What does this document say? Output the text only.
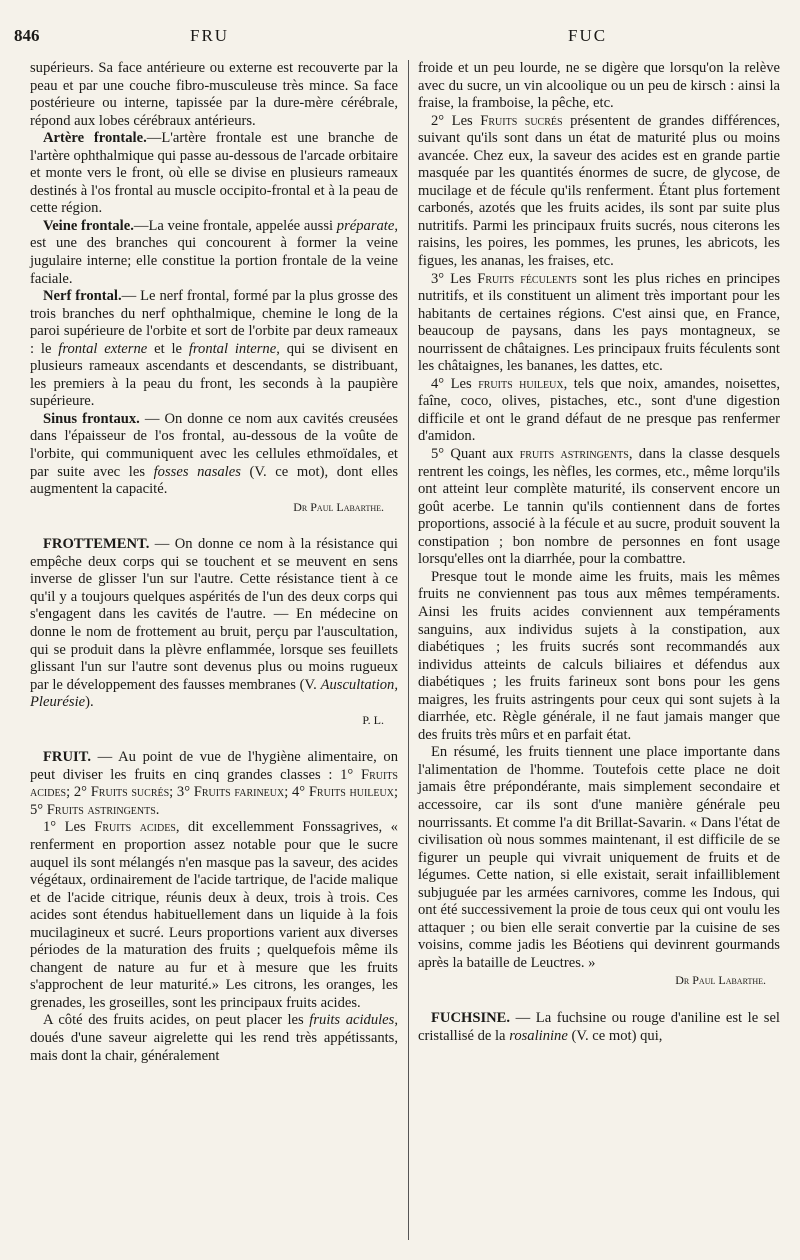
846	FRU	FUC

supérieurs. Sa face antérieure ou externe est recouverte par la peau et par une couche fibro-musculeuse très mince. Sa face postérieure ou interne, tapissée par la dure-mère cérébrale, répond aux lobes cérébraux antérieurs.

Artère frontale.—L'artère frontale est une branche de l'artère ophthalmique qui passe au-dessous de l'arcade orbitaire et monte vers le front, où elle se divise en plusieurs rameaux destinés à l'os frontal au muscle occipito-frontal et à la peau de cette région.

Veine frontale.—La veine frontale, appelée aussi préparate, est une des branches qui concourent à former la veine jugulaire interne; elle constitue la portion frontale de la veine faciale.

Nerf frontal.— Le nerf frontal, formé par la plus grosse des trois branches du nerf ophthalmique, chemine le long de la paroi supérieure de l'orbite et sort de l'orbite par deux rameaux : le frontal externe et le frontal interne, qui se divisent en plusieurs rameaux ascendants et descendants, se distribuant, les premiers à la peau du front, les seconds à la paupière supérieure.

Sinus frontaux. — On donne ce nom aux cavités creusées dans l'épaisseur de l'os frontal, au-dessous de la voûte de l'orbite, qui communiquent avec les cellules ethmoïdales, et par suite avec les fosses nasales (V. ce mot), dont elles augmentent la capacité.
Dr Paul Labarthe.

FROTTEMENT. — On donne ce nom à la résistance qui empêche deux corps qui se touchent et se meuvent en sens inverse de glisser l'un sur l'autre. Cette résistance tient à ce qu'il y a toujours quelques aspérités de l'un des deux corps qui s'engagent dans les cavités de l'autre. — En médecine on donne le nom de frottement au bruit, perçu par l'auscultation, qui se produit dans la plèvre enflammée, lorsque ses feuillets glissant l'un sur l'autre sont devenus plus ou moins rugueux par le développement des fausses membranes (V. Auscultation, Pleurésie).
P. L.

FRUIT. — Au point de vue de l'hygiène alimentaire, on peut diviser les fruits en cinq grandes classes : 1° Fruits acides; 2° Fruits sucrés; 3° Fruits farineux; 4° Fruits huileux; 5° Fruits astringents.

1° Les Fruits acides, dit excellemment Fonssagrives, « renferment en proportion assez notable pour que le sucre auquel ils sont mélangés n'en masque pas la saveur, des acides végétaux, ordinairement de l'acide tartrique, de l'acide malique et de l'acide citrique, réunis deux à deux, trois à trois. Ces acides sont étendus habituellement dans un liquide à la fois mucilagineux et sucré. Leurs proportions varient aux diverses périodes de la maturation des fruits ; quelquefois même ils changent de nature au fur et à mesure que les fruits s'approchent de leur maturité.» Les citrons, les oranges, les grenades, les groseilles, sont les principaux fruits acides.

A côté des fruits acides, on peut placer les fruits acidules, doués d'une saveur aigrelette qui les rend très appétissants, mais dont la chair, généralement

froide et un peu lourde, ne se digère que lorsqu'on la relève avec du sucre, un vin alcoolique ou un peu de kirsch : ainsi la fraise, la framboise, la pêche, etc.

2° Les Fruits sucrés présentent de grandes différences, suivant qu'ils sont dans un état de maturité plus ou moins avancée. Chez eux, la saveur des acides est en grande partie masquée par les quantités énormes de sucre, de glycose, de mucilage et de fécule qu'ils renferment. Étant plus fortement carbonés, azotés que les fruits acides, ils sont par suite plus nutritifs. Parmi les principaux fruits sucrés, nous citerons les raisins, les poires, les pommes, les prunes, les abricots, les figues, les ananas, les fraises, etc.

3° Les Fruits féculents sont les plus riches en principes nutritifs, et ils constituent un aliment très important pour les habitants de certaines régions. C'est ainsi que, en France, beaucoup de paysans, dans les pays montagneux, se nourrissent de châtaignes. Les principaux fruits féculents sont les châtaignes, les bananes, les dattes, etc.

4° Les fruits huileux, tels que noix, amandes, noisettes, faîne, coco, olives, pistaches, etc., sont d'une digestion difficile et ont le grand défaut de ne presque pas renfermer d'amidon.

5° Quant aux fruits astringents, dans la classe desquels rentrent les coings, les nèfles, les cormes, etc., même lorqu'ils ont atteint leur complète maturité, ils conservent encore un goût acerbe. Le tannin qu'ils contiennent dans de fortes proportions, associé à la fécule et au sucre, produit souvent la constipation ; bon nombre de personnes en font usage lorsqu'elles ont la diarrhée, pour la combattre.

Presque tout le monde aime les fruits, mais les mêmes fruits ne conviennent pas tous aux mêmes tempéraments. Ainsi les fruits acides conviennent aux tempéraments sanguins, aux individus sujets à la constipation, aux diabétiques ; les fruits sucrés sont recommandés aux individus atteints de calculs biliaires et défendus aux diabétiques ; les fruits farineux sont bons pour les gens maigres, les fruits astringents pour ceux qui sont sujets à la diarrhée, etc. Règle générale, il ne faut jamais manger que des fruits très mûrs et en parfait état.

En résumé, les fruits tiennent une place importante dans l'alimentation de l'homme. Toutefois cette place ne doit jamais être prépondérante, mais simplement secondaire et accessoire, car ils sont d'une manière générale peu nourrissants. Et comme l'a dit Brillat-Savarin. « Dans l'état de civilisation où nous sommes maintenant, il est difficile de se figurer un peuple qui vivrait uniquement de fruits et de légumes. Cette nation, si elle existait, serait infailliblement subjuguée par les armées carnivores, comme les Indous, qui ont été successivement la proie de tous ceux qui ont voulu les attaquer ; ou bien elle serait convertie par la cuisine de ses voisins, comme jadis les Béotiens qui devinrent gourmands après la bataille de Leuctres. »
Dr Paul Labarthe.

FUCHSINE. — La fuchsine ou rouge d'aniline est le sel cristallisé de la rosalinine (V. ce mot) qui,
